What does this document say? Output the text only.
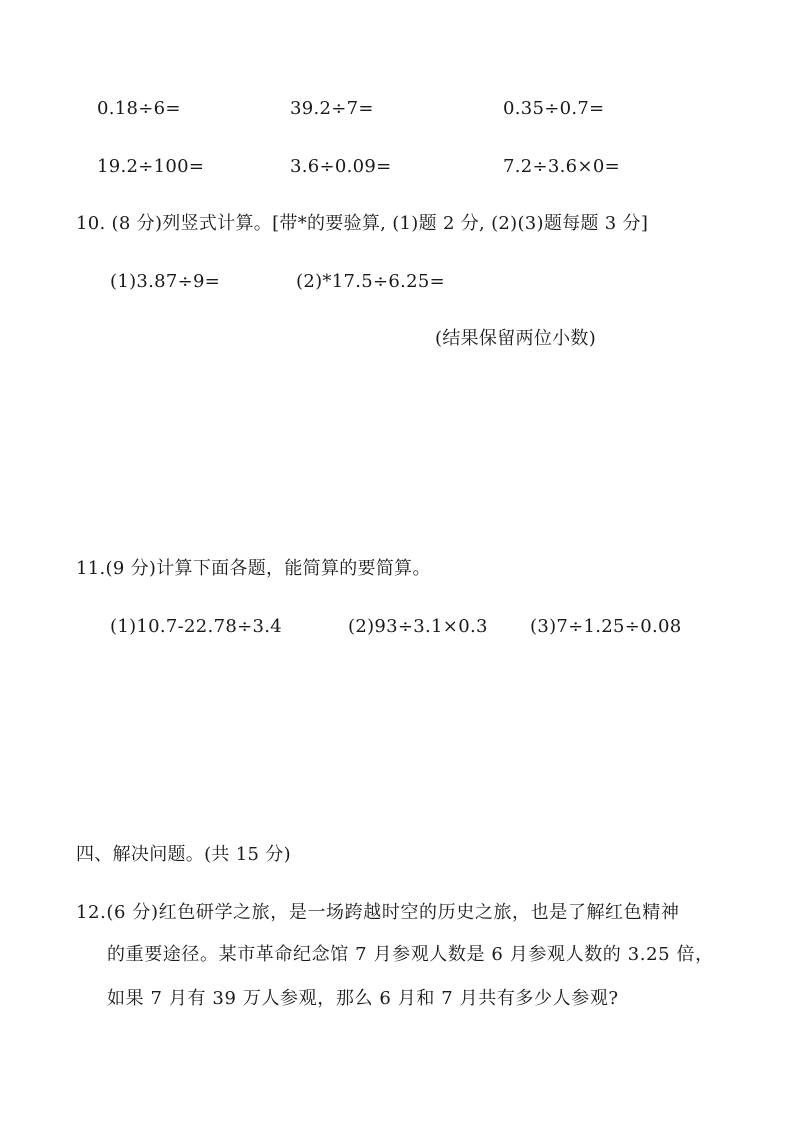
0.18÷6=	39.2÷7=	0.35÷0.7=
19.2÷100=	3.6÷0.09=	7.2÷3.6×0=
10. (8 分)列竖式计算。[带*的要验算, (1)题 2 分, (2)(3)题每题 3 分]
(1)3.87÷9=	(2)*17.5÷6.25=
(结果保留两位小数)
11.(9 分)计算下面各题，能简算的要简算。
(1)10.7-22.78÷3.4	(2)93÷3.1×0.3 (3)7÷1.25÷0.08
四、解决问题。(共 15 分)
12.(6 分)红色研学之旅，是一场跨越时空的历史之旅，也是了解红色精神
的重要途径。某市革命纪念馆 7 月参观人数是 6 月参观人数的 3.25 倍，
如果 7 月有 39 万人参观，那么 6 月和 7 月共有多少人参观?
